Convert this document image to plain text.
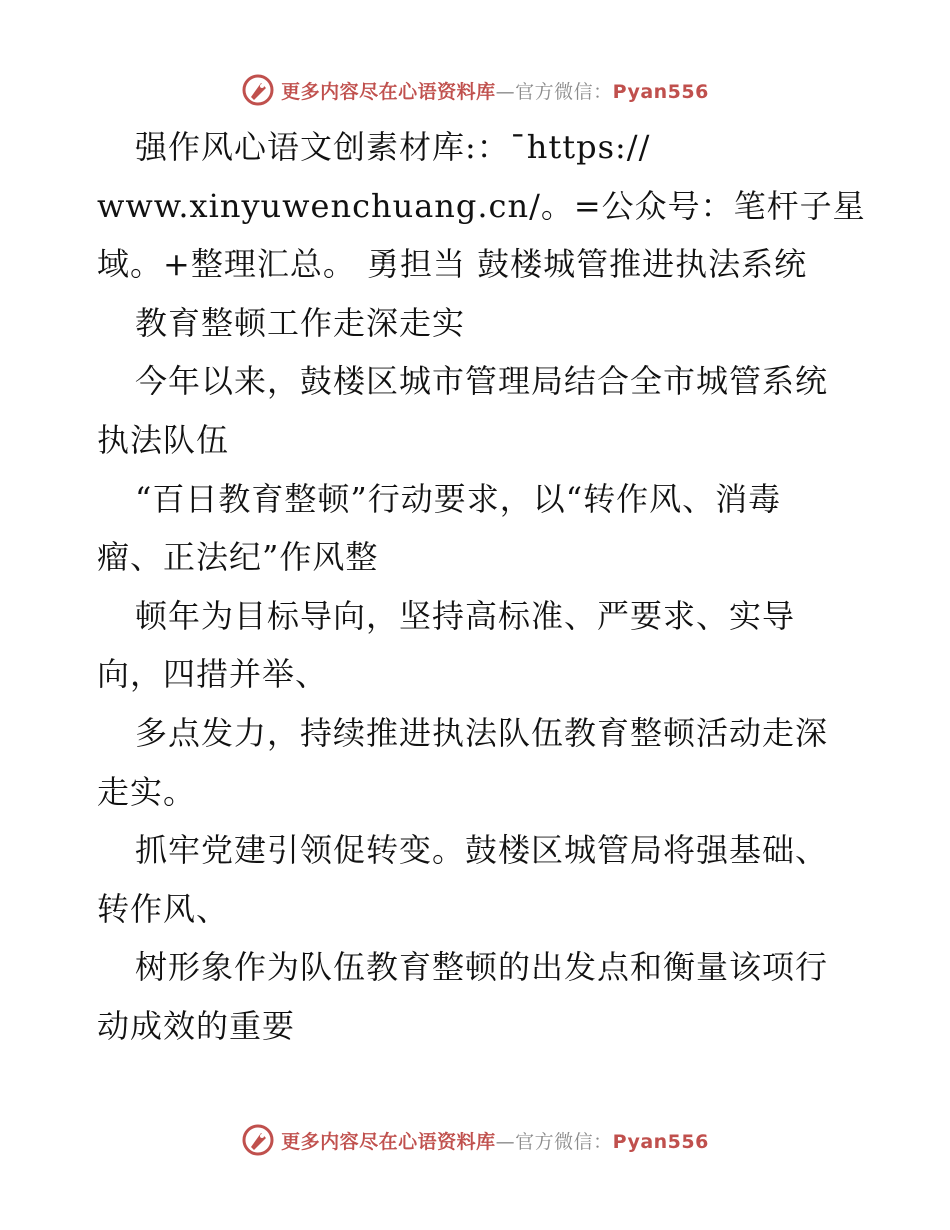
更多内容尽在心语资料库—官方微信：Pyan556
强作风心语文创素材库:：¯https://
www.xinyuwenchuang.cn/。=公众号：笔杆子星
域。+整理汇总。 勇担当 鼓楼城管推进执法系统
教育整顿工作走深走实
今年以来，鼓楼区城市管理局结合全市城管系统
执法队伍
“百日教育整顿”行动要求，以“转作风、消毒
瘤、正法纪”作风整
顿年为目标导向，坚持高标准、严要求、实导
向，四措并举、
多点发力，持续推进执法队伍教育整顿活动走深
走实。
抓牢党建引领促转变。鼓楼区城管局将强基础、
转作风、
树形象作为队伍教育整顿的出发点和衡量该项行
动成效的重要
更多内容尽在心语资料库—官方微信：Pyan556
